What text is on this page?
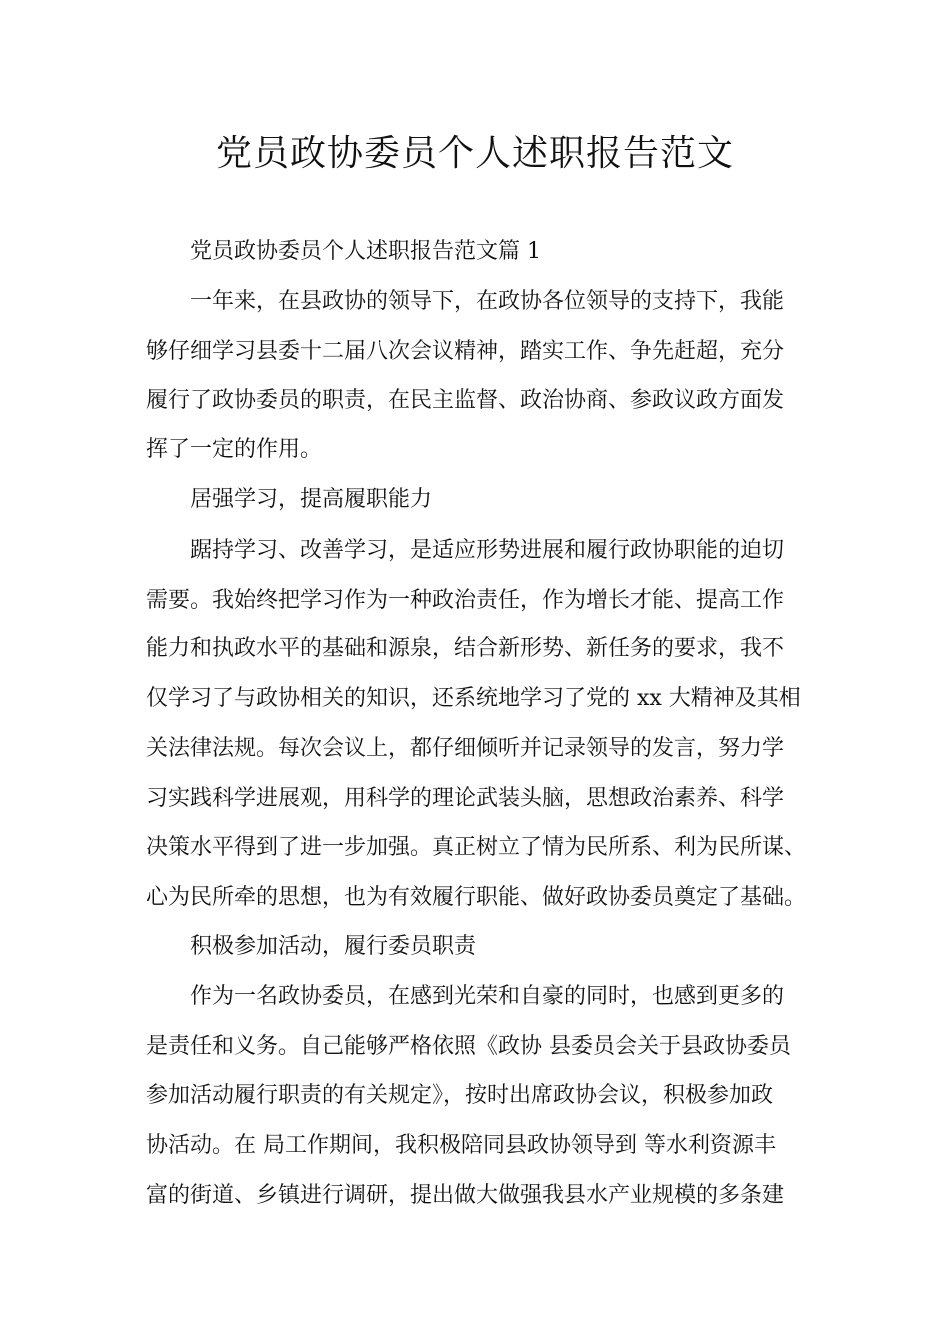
党员政协委员个人述职报告范文

党员政协委员个人述职报告范文篇 1

一年来，在县政协的领导下，在政协各位领导的支持下，我能

够仔细学习县委十二届八次会议精神，踏实工作、争先赶超，充分

履行了政协委员的职责，在民主监督、政治协商、参政议政方面发

挥了一定的作用。

居强学习，提高履职能力

踞持学习、改善学习，是适应形势进展和履行政协职能的迫切

需要。我始终把学习作为一种政治责任，作为增长才能、提高工作

能力和执政水平的基础和源泉，结合新形势、新任务的要求，我不

仅学习了与政协相关的知识，还系统地学习了党的 xx 大精神及其相

关法律法规。每次会议上，都仔细倾听并记录领导的发言，努力学

习实践科学进展观，用科学的理论武装头脑，思想政治素养、科学

决策水平得到了进一步加强。真正树立了情为民所系、利为民所谋、

心为民所牵的思想，也为有效履行职能、做好政协委员奠定了基础。

积极参加活动，履行委员职责

作为一名政协委员，在感到光荣和自豪的同时，也感到更多的

是责任和义务。自己能够严格依照《政协 县委员会关于县政协委员

参加活动履行职责的有关规定》，按时出席政协会议，积极参加政

协活动。在 局工作期间，我积极陪同县政协领导到 等水利资源丰

富的街道、乡镇进行调研，提出做大做强我县水产业规模的多条建
